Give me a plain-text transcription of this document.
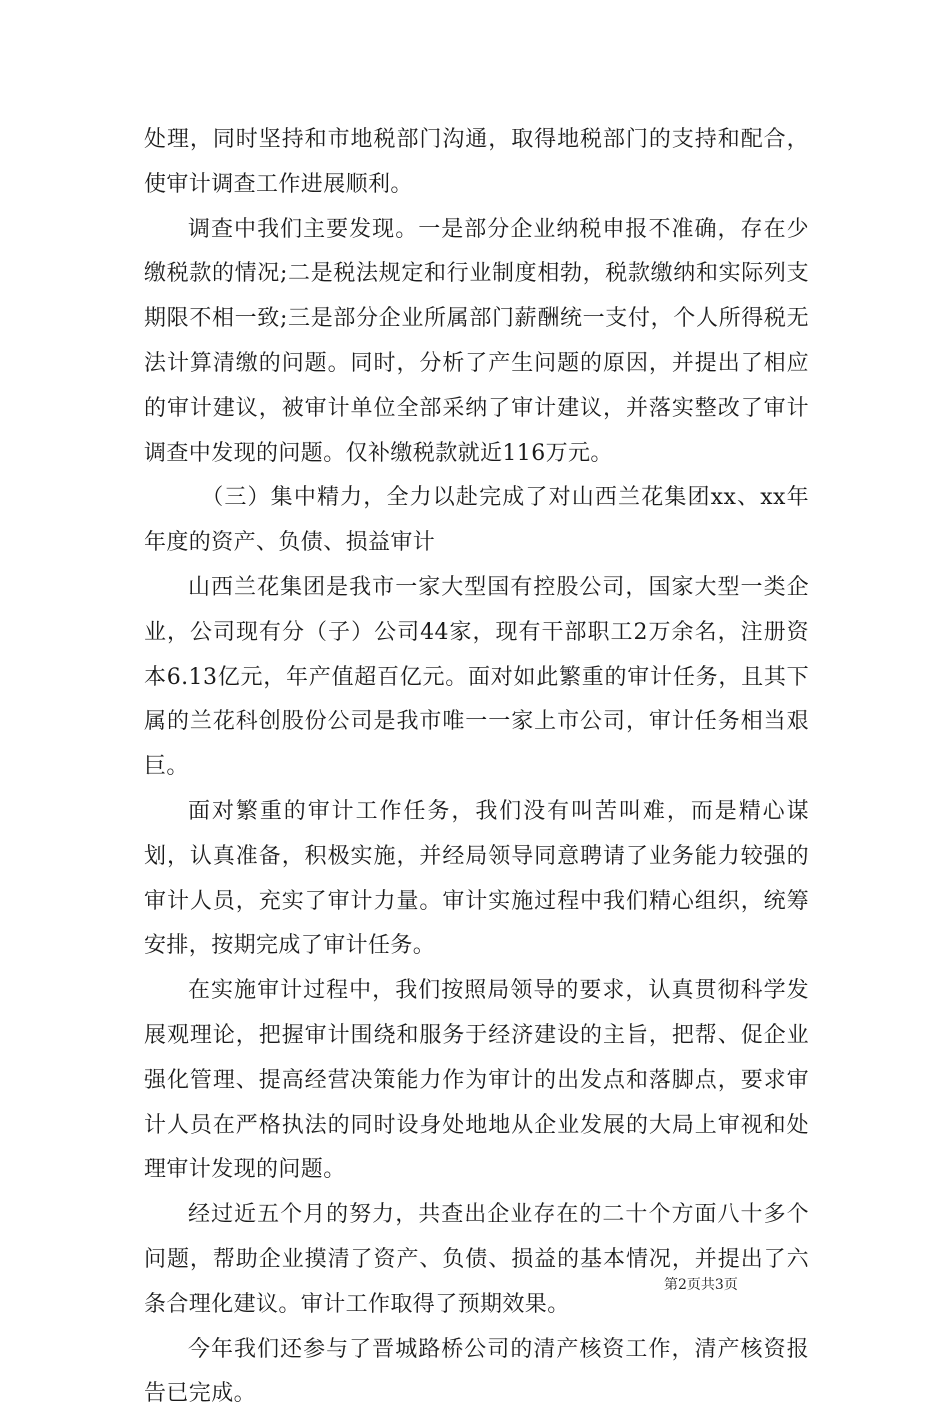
处理，同时坚持和市地税部门沟通，取得地税部门的支持和配合，使审计调查工作进展顺利。

调查中我们主要发现。一是部分企业纳税申报不准确，存在少缴税款的情况;二是税法规定和行业制度相勃，税款缴纳和实际列支期限不相一致;三是部分企业所属部门薪酬统一支付，个人所得税无法计算清缴的问题。同时，分析了产生问题的原因，并提出了相应的审计建议，被审计单位全部采纳了审计建议，并落实整改了审计调查中发现的问题。仅补缴税款就近116万元。

（三）集中精力，全力以赴完成了对山西兰花集团xx、xx年年度的资产、负债、损益审计

山西兰花集团是我市一家大型国有控股公司，国家大型一类企业，公司现有分（子）公司44家，现有干部职工2万余名，注册资本6.13亿元，年产值超百亿元。面对如此繁重的审计任务，且其下属的兰花科创股份公司是我市唯一一家上市公司，审计任务相当艰巨。

面对繁重的审计工作任务，我们没有叫苦叫难，而是精心谋划，认真准备，积极实施，并经局领导同意聘请了业务能力较强的审计人员，充实了审计力量。审计实施过程中我们精心组织，统筹安排，按期完成了审计任务。

在实施审计过程中，我们按照局领导的要求，认真贯彻科学发展观理论，把握审计围绕和服务于经济建设的主旨，把帮、促企业强化管理、提高经营决策能力作为审计的出发点和落脚点，要求审计人员在严格执法的同时设身处地地从企业发展的大局上审视和处理审计发现的问题。

经过近五个月的努力，共查出企业存在的二十个方面八十多个问题，帮助企业摸清了资产、负债、损益的基本情况，并提出了六条合理化建议。审计工作取得了预期效果。

今年我们还参与了晋城路桥公司的清产核资工作，清产核资报告已完成。

第2页共3页
